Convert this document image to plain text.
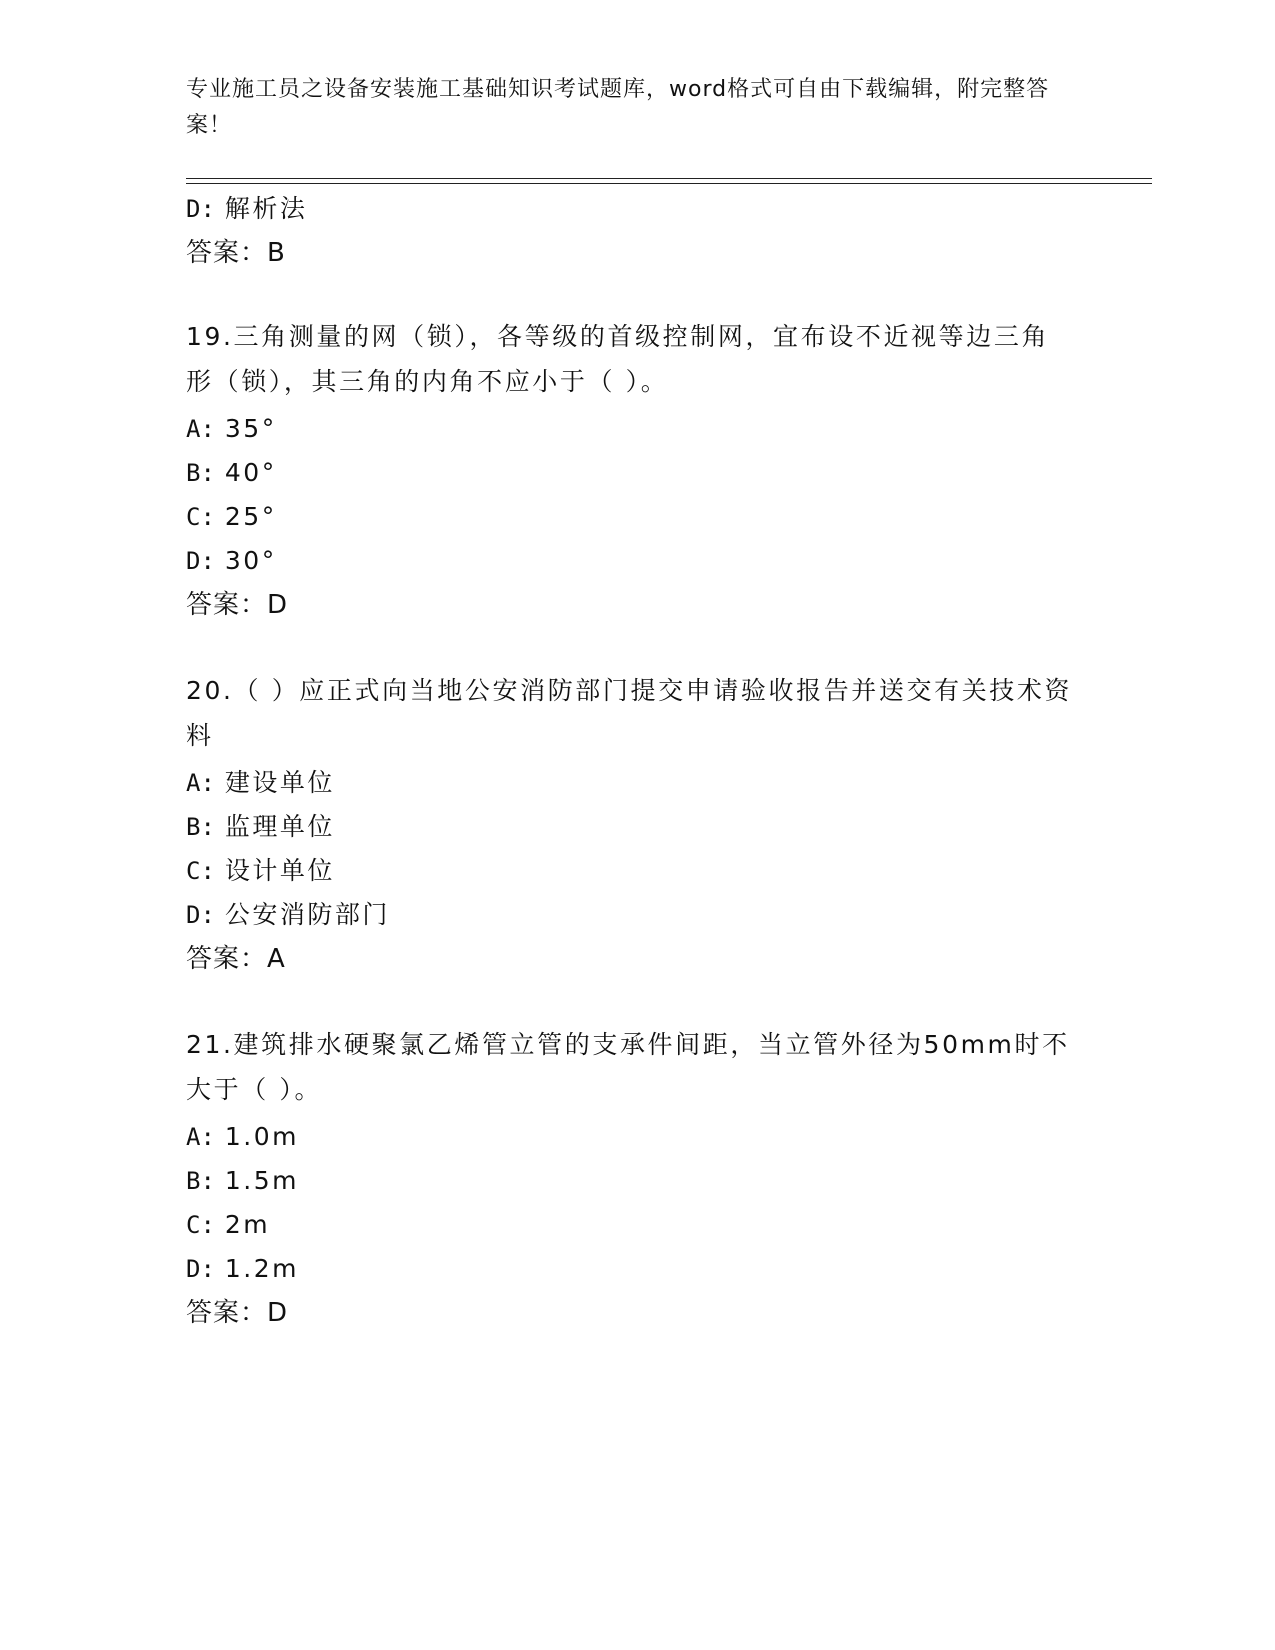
专业施工员之设备安装施工基础知识考试题库，word格式可自由下载编辑，附完整答案！
D: 解析法
答案：B
19.三角测量的网（锁），各等级的首级控制网，宜布设不近视等边三角形（锁），其三角的内角不应小于（ ）。
A: 35°
B: 40°
C: 25°
D: 30°
答案：D
20.（ ）应正式向当地公安消防部门提交申请验收报告并送交有关技术资料
A: 建设单位
B: 监理单位
C: 设计单位
D: 公安消防部门
答案：A
21.建筑排水硬聚氯乙烯管立管的支承件间距，当立管外径为50mm时不大于（ ）。
A: 1.0m
B: 1.5m
C: 2m
D: 1.2m
答案：D
